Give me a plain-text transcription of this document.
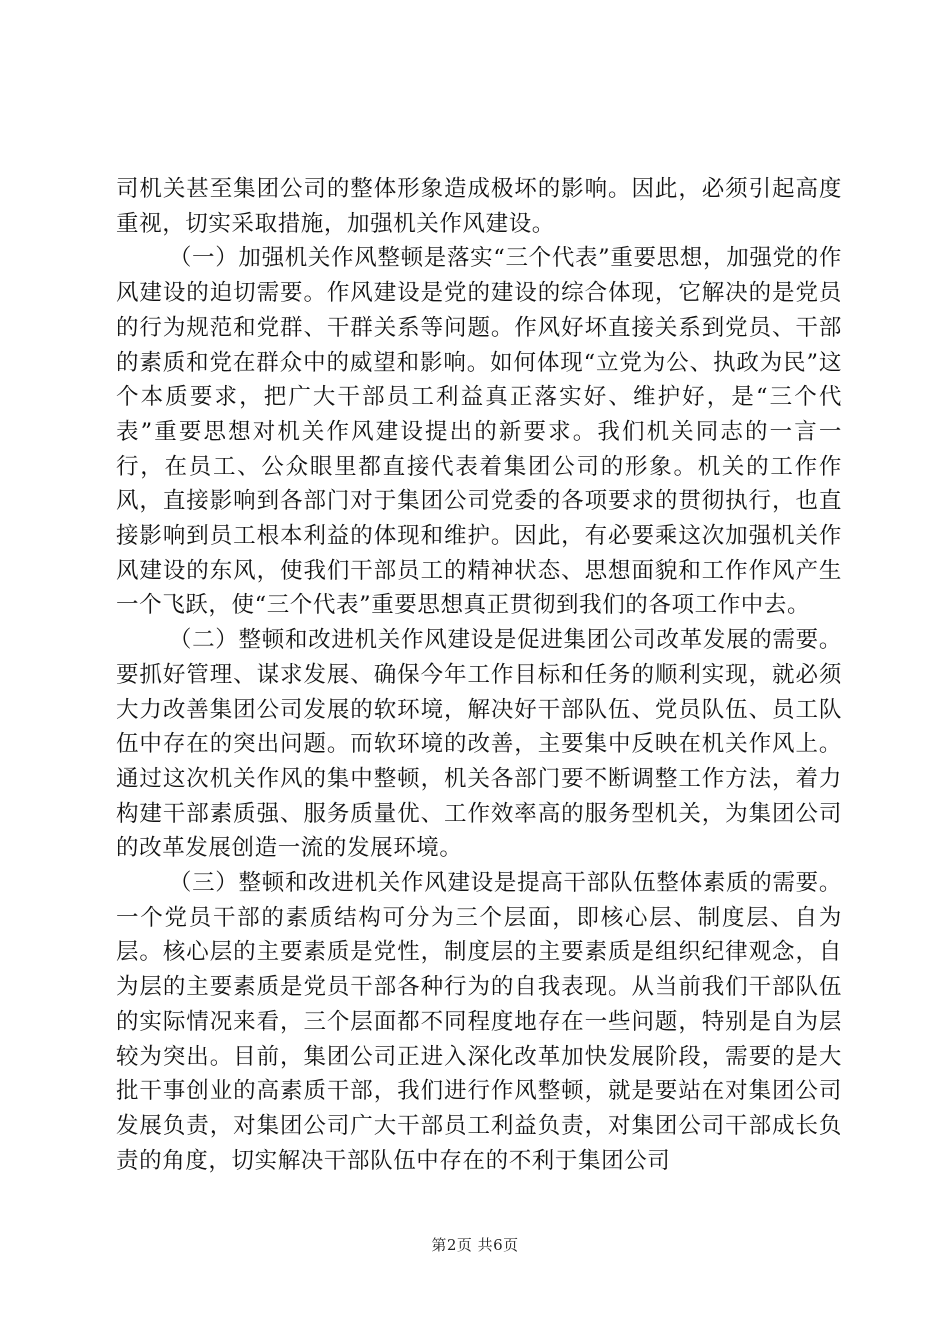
司机关甚至集团公司的整体形象造成极坏的影响。因此，必须引起高度重视，切实采取措施，加强机关作风建设。

（一）加强机关作风整顿是落实“三个代表”重要思想，加强党的作风建设的迫切需要。作风建设是党的建设的综合体现，它解决的是党员的行为规范和党群、干群关系等问题。作风好坏直接关系到党员、干部的素质和党在群众中的威望和影响。如何体现“立党为公、执政为民”这个本质要求，把广大干部员工利益真正落实好、维护好，是“三个代表”重要思想对机关作风建设提出的新要求。我们机关同志的一言一行，在员工、公众眼里都直接代表着集团公司的形象。机关的工作作风，直接影响到各部门对于集团公司党委的各项要求的贯彻执行，也直接影响到员工根本利益的体现和维护。因此，有必要乘这次加强机关作风建设的东风，使我们干部员工的精神状态、思想面貌和工作作风产生一个飞跃，使“三个代表”重要思想真正贯彻到我们的各项工作中去。

（二）整顿和改进机关作风建设是促进集团公司改革发展的需要。要抓好管理、谋求发展、确保今年工作目标和任务的顺利实现，就必须大力改善集团公司发展的软环境，解决好干部队伍、党员队伍、员工队伍中存在的突出问题。而软环境的改善，主要集中反映在机关作风上。通过这次机关作风的集中整顿，机关各部门要不断调整工作方法，着力构建干部素质强、服务质量优、工作效率高的服务型机关，为集团公司的改革发展创造一流的发展环境。

（三）整顿和改进机关作风建设是提高干部队伍整体素质的需要。一个党员干部的素质结构可分为三个层面，即核心层、制度层、自为层。核心层的主要素质是党性，制度层的主要素质是组织纪律观念，自为层的主要素质是党员干部各种行为的自我表现。从当前我们干部队伍的实际情况来看，三个层面都不同程度地存在一些问题，特别是自为层较为突出。目前，集团公司正进入深化改革加快发展阶段，需要的是大批干事创业的高素质干部，我们进行作风整顿，就是要站在对集团公司发展负责，对集团公司广大干部员工利益负责，对集团公司干部成长负责的角度，切实解决干部队伍中存在的不利于集团公司

第2页 共6页
